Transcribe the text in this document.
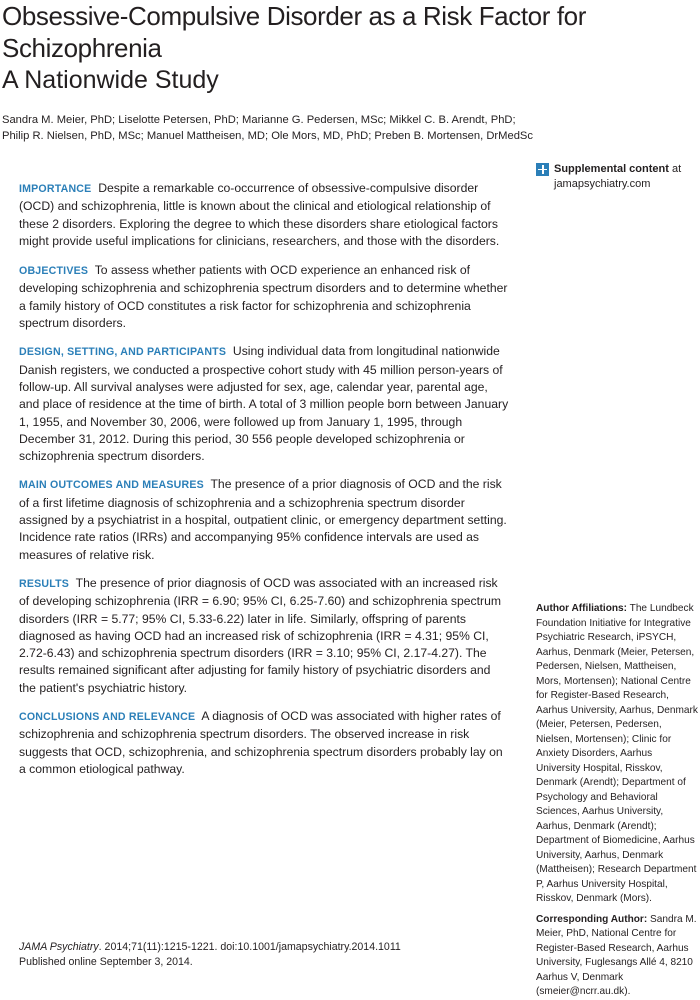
Obsessive-Compulsive Disorder as a Risk Factor for Schizophrenia
A Nationwide Study
Sandra M. Meier, PhD; Liselotte Petersen, PhD; Marianne G. Pedersen, MSc; Mikkel C. B. Arendt, PhD; Philip R. Nielsen, PhD, MSc; Manuel Mattheisen, MD; Ole Mors, MD, PhD; Preben B. Mortensen, DrMedSc

IMPORTANCE Despite a remarkable co-occurrence of obsessive-compulsive disorder (OCD) and schizophrenia, little is known about the clinical and etiological relationship of these 2 disorders. Exploring the degree to which these disorders share etiological factors might provide useful implications for clinicians, researchers, and those with the disorders.

OBJECTIVES To assess whether patients with OCD experience an enhanced risk of developing schizophrenia and schizophrenia spectrum disorders and to determine whether a family history of OCD constitutes a risk factor for schizophrenia and schizophrenia spectrum disorders.

DESIGN, SETTING, AND PARTICIPANTS Using individual data from longitudinal nationwide Danish registers, we conducted a prospective cohort study with 45 million person-years of follow-up. All survival analyses were adjusted for sex, age, calendar year, parental age, and place of residence at the time of birth. A total of 3 million people born between January 1, 1955, and November 30, 2006, were followed up from January 1, 1995, through December 31, 2012. During this period, 30 556 people developed schizophrenia or schizophrenia spectrum disorders.

MAIN OUTCOMES AND MEASURES The presence of a prior diagnosis of OCD and the risk of a first lifetime diagnosis of schizophrenia and a schizophrenia spectrum disorder assigned by a psychiatrist in a hospital, outpatient clinic, or emergency department setting. Incidence rate ratios (IRRs) and accompanying 95% confidence intervals are used as measures of relative risk.

RESULTS The presence of prior diagnosis of OCD was associated with an increased risk of developing schizophrenia (IRR = 6.90; 95% CI, 6.25-7.60) and schizophrenia spectrum disorders (IRR = 5.77; 95% CI, 5.33-6.22) later in life. Similarly, offspring of parents diagnosed as having OCD had an increased risk of schizophrenia (IRR = 4.31; 95% CI, 2.72-6.43) and schizophrenia spectrum disorders (IRR = 3.10; 95% CI, 2.17-4.27). The results remained significant after adjusting for family history of psychiatric disorders and the patient's psychiatric history.

CONCLUSIONS AND RELEVANCE A diagnosis of OCD was associated with higher rates of schizophrenia and schizophrenia spectrum disorders. The observed increase in risk suggests that OCD, schizophrenia, and schizophrenia spectrum disorders probably lay on a common etiological pathway.

JAMA Psychiatry. 2014;71(11):1215-1221. doi:10.1001/jamapsychiatry.2014.1011
Published online September 3, 2014.
Supplemental content at
jamapsychiatry.com
Author Affiliations: The Lundbeck Foundation Initiative for Integrative Psychiatric Research, iPSYCH, Aarhus, Denmark (Meier, Petersen, Pedersen, Nielsen, Mattheisen, Mors, Mortensen); National Centre for Register-Based Research, Aarhus University, Aarhus, Denmark (Meier, Petersen, Pedersen, Nielsen, Mortensen); Clinic for Anxiety Disorders, Aarhus University Hospital, Risskov, Denmark (Arendt); Department of Psychology and Behavioral Sciences, Aarhus University, Aarhus, Denmark (Arendt); Department of Biomedicine, Aarhus University, Aarhus, Denmark (Mattheisen); Research Department P, Aarhus University Hospital, Risskov, Denmark (Mors).
Corresponding Author: Sandra M. Meier, PhD, National Centre for Register-Based Research, Aarhus University, Fuglesangs Allé 4, 8210 Aarhus V, Denmark (smeier@ncrr.au.dk).
